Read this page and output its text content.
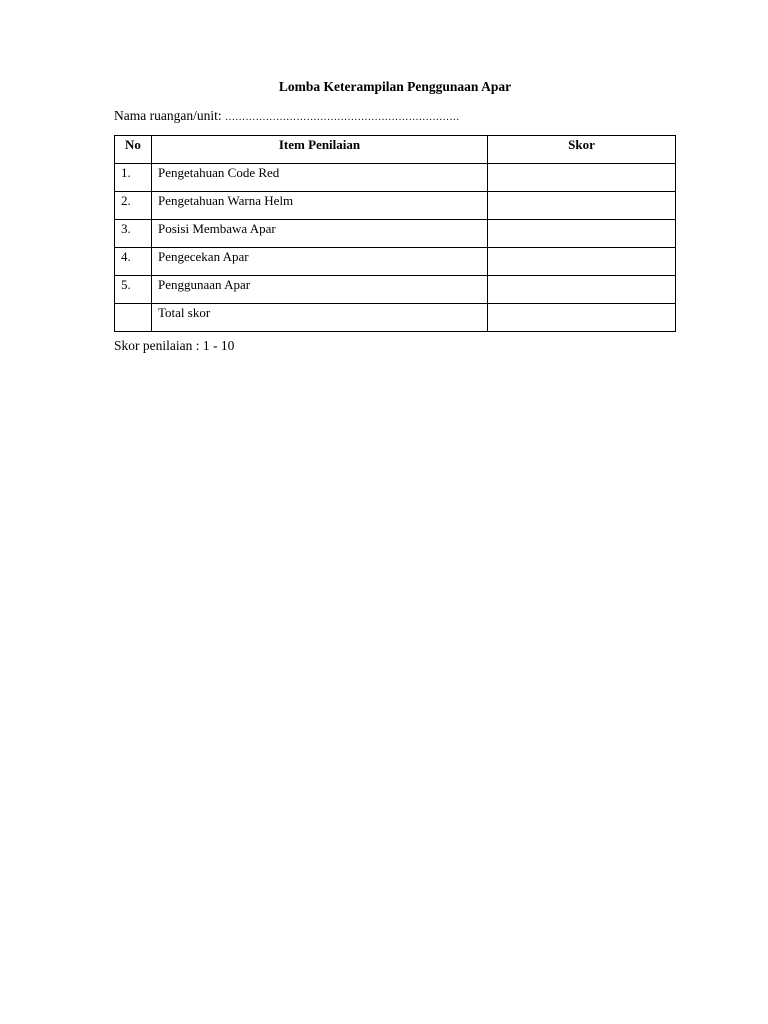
Lomba Keterampilan Penggunaan Apar
Nama ruangan/unit: ……………………………………………………………
No	Item Penilaian	Skor
1.	Pengetahuan Code Red	
2.	Pengetahuan Warna Helm	
3.	Posisi Membawa Apar	
4.	Pengecekan Apar	
5.	Penggunaan Apar	
	Total skor	
Skor penilaian : 1 - 10
